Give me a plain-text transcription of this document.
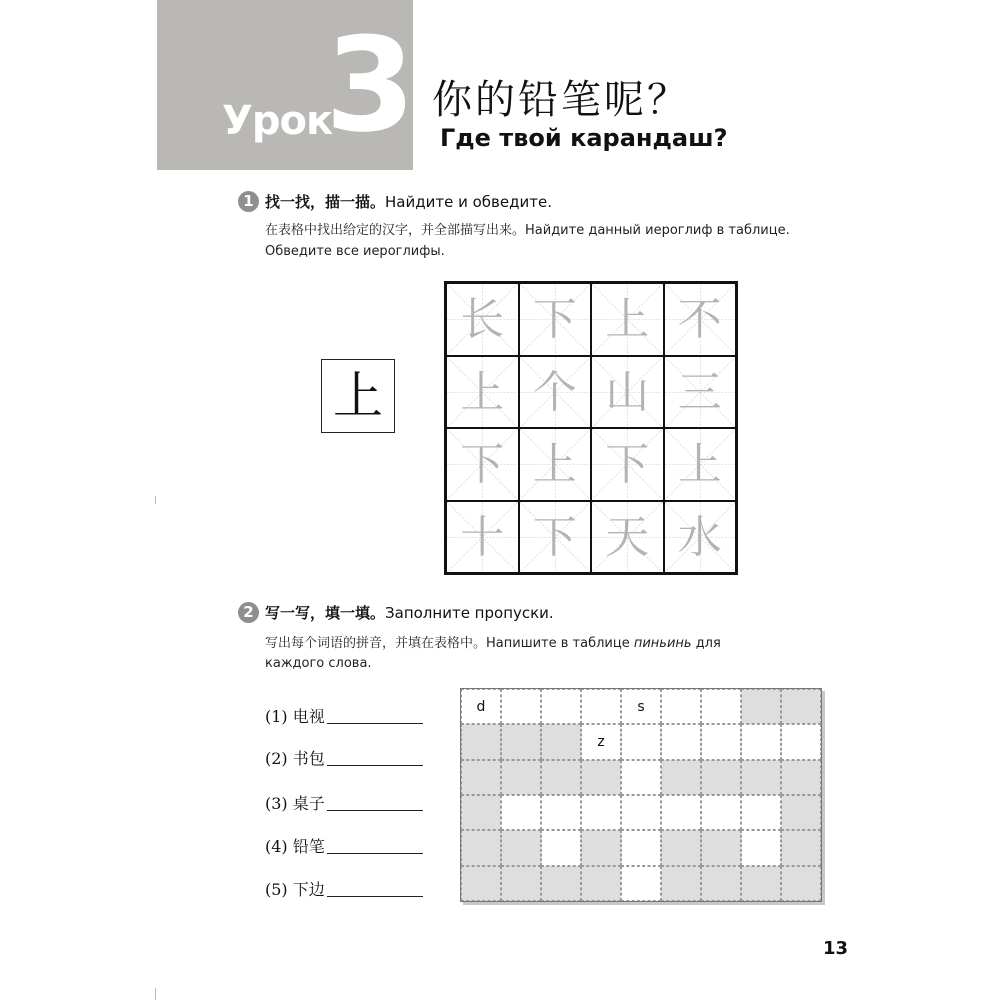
Урок
3 你的铅笔呢？
Где твой карандаш?
1 找一找，描一描。Найдите и обведите.
在表格中找出给定的汉字，并全部描写出来。Найдите данный иероглиф в таблице.
Обведите все иероглифы.
上
长 下 上 不
上 个 山 三
下 上 下 上
十 下 天 水
2 写一写，填一填。Заполните пропуски.
写出每个词语的拼音，并填在表格中。Напишите в таблице пиньинь для
каждого слова.
(1) 电视
(2) 书包
(3) 桌子
(4) 铅笔
(5) 下边
d	s
z
13
